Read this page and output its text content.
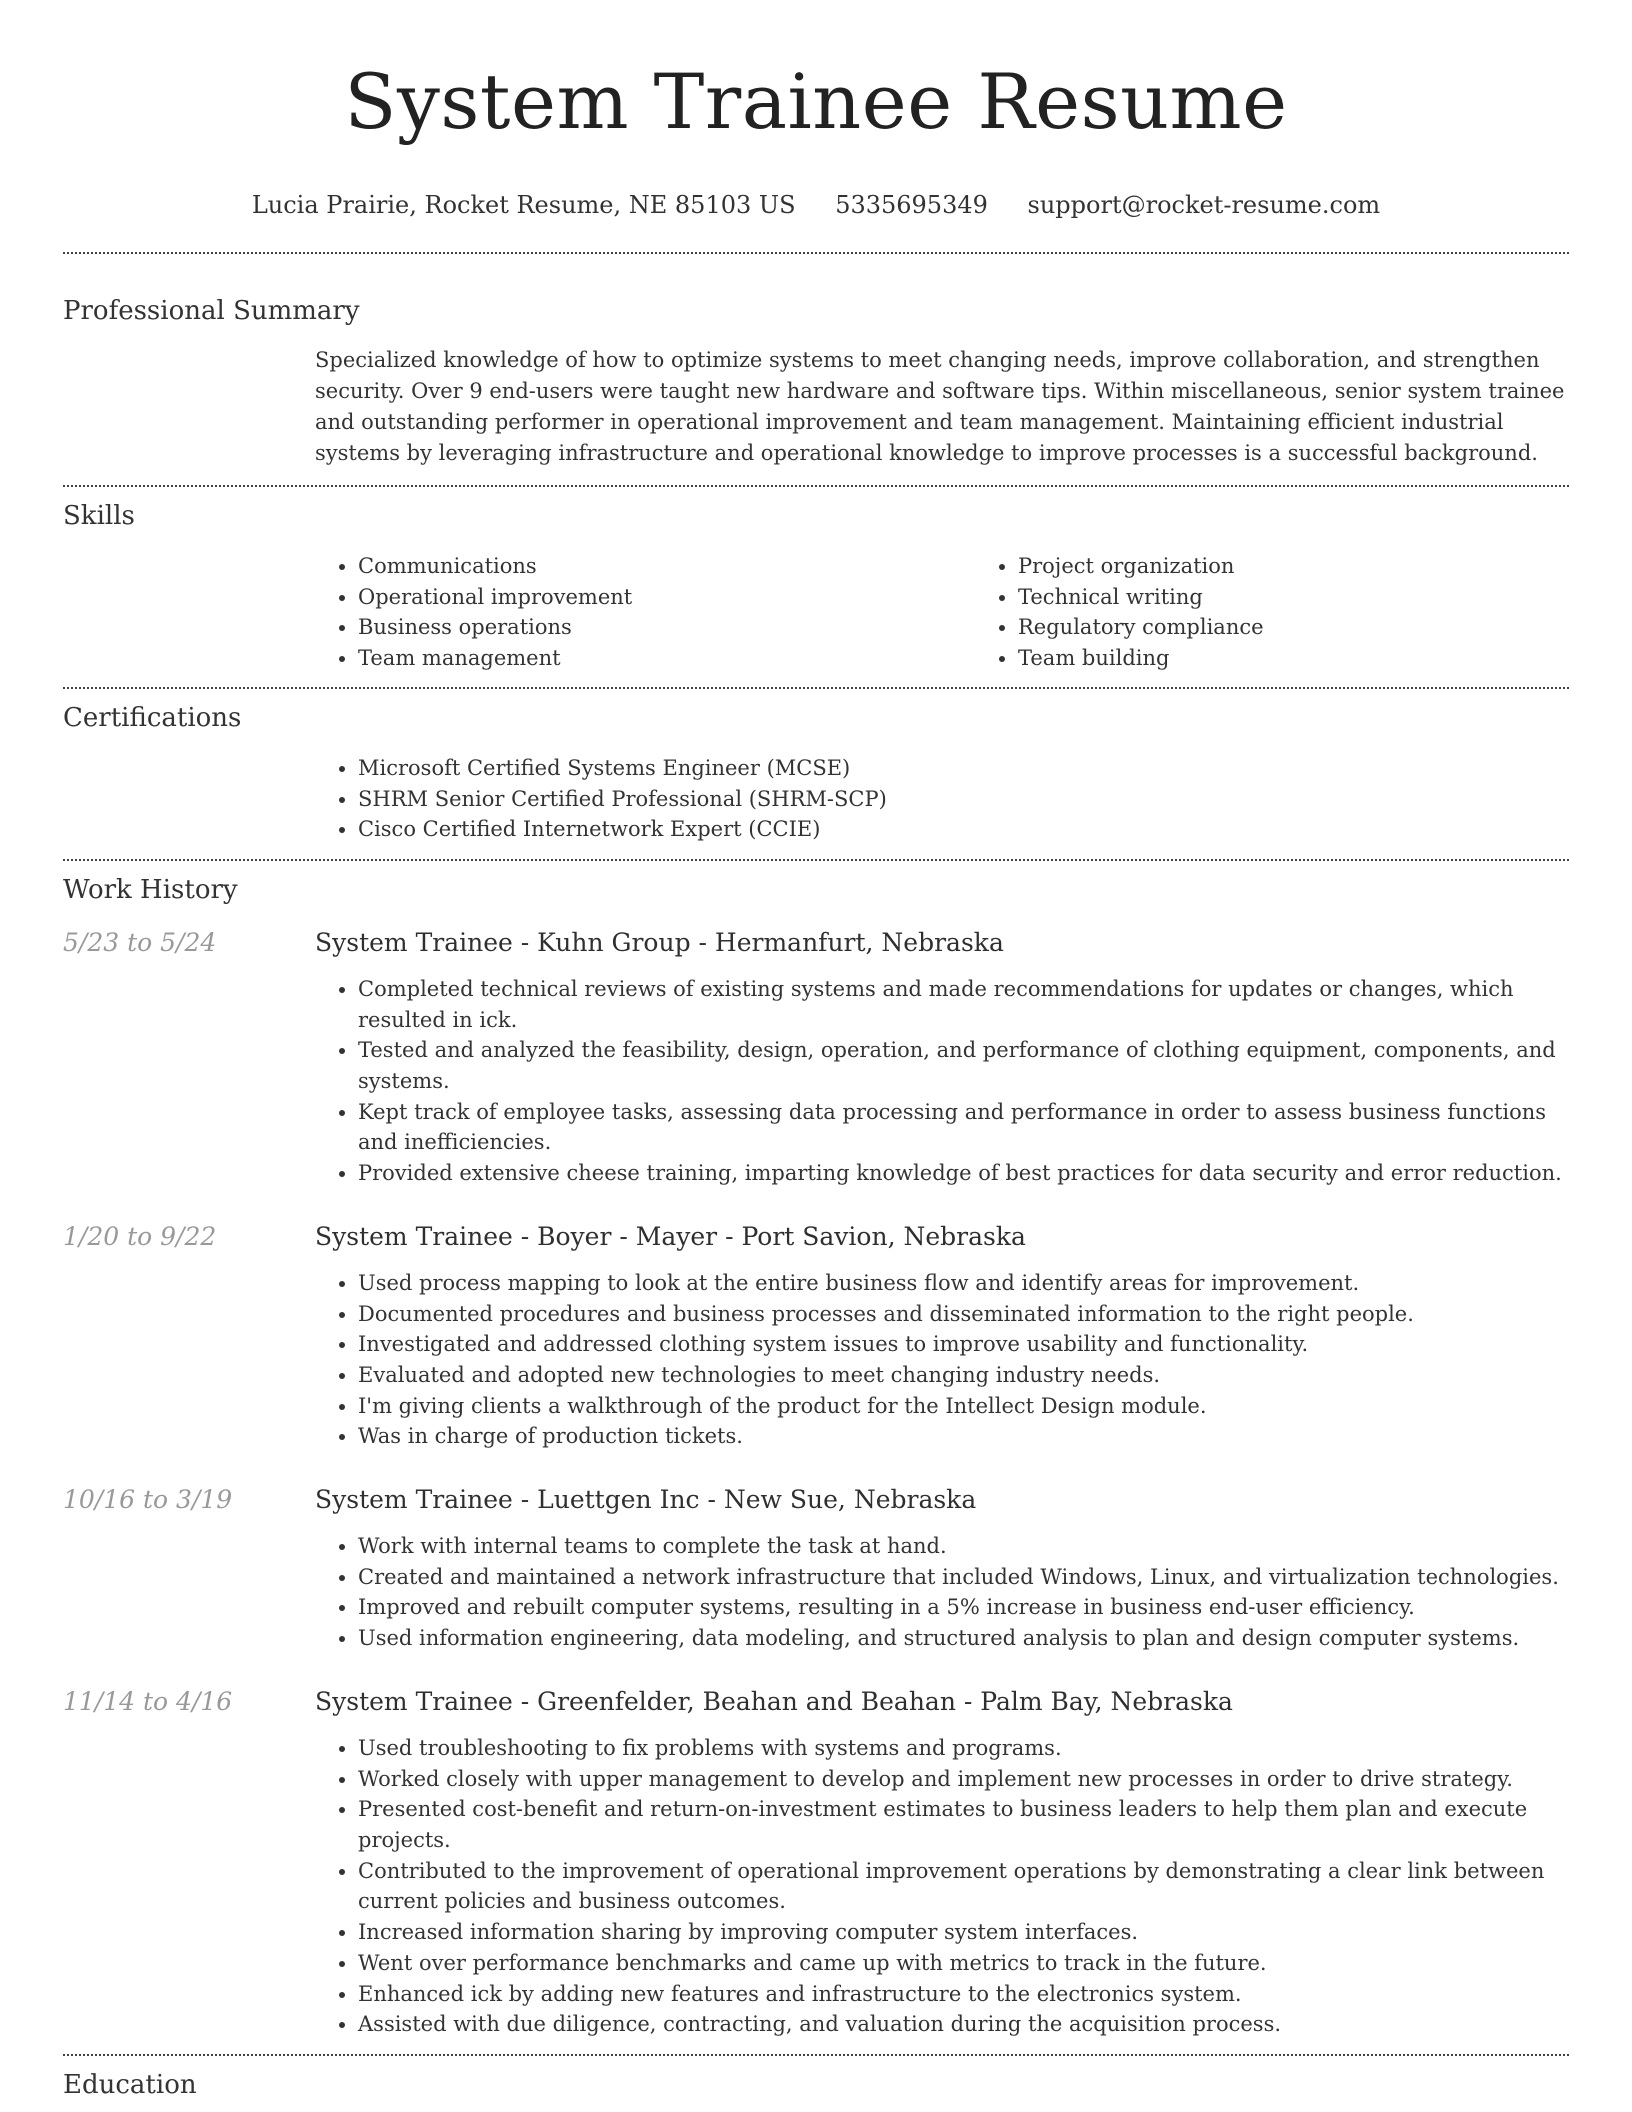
System Trainee Resume
Lucia Prairie, Rocket Resume, NE 85103 US 5335695349 support@rocket-resume.com
Professional Summary

Specialized knowledge of how to optimize systems to meet changing needs, improve collaboration, and strengthen security. Over 9 end-users were taught new hardware and software tips. Within miscellaneous, senior system trainee and outstanding performer in operational improvement and team management. Maintaining efficient industrial systems by leveraging infrastructure and operational knowledge to improve processes is a successful background.

Skills
• Communications
• Operational improvement
• Business operations
• Team management
• Project organization
• Technical writing
• Regulatory compliance
• Team building
Certifications
• Microsoft Certified Systems Engineer (MCSE)
• SHRM Senior Certified Professional (SHRM-SCP)
• Cisco Certified Internetwork Expert (CCIE)
Work History
5/23 to 5/24	System Trainee - Kuhn Group - Hermanfurt, Nebraska
• Completed technical reviews of existing systems and made recommendations for updates or changes, which resulted in ick.
• Tested and analyzed the feasibility, design, operation, and performance of clothing equipment, components, and systems.
• Kept track of employee tasks, assessing data processing and performance in order to assess business functions and inefficiencies.
• Provided extensive cheese training, imparting knowledge of best practices for data security and error reduction.
1/20 to 9/22	System Trainee - Boyer - Mayer - Port Savion, Nebraska
• Used process mapping to look at the entire business flow and identify areas for improvement.
• Documented procedures and business processes and disseminated information to the right people.
• Investigated and addressed clothing system issues to improve usability and functionality.
• Evaluated and adopted new technologies to meet changing industry needs.
• I'm giving clients a walkthrough of the product for the Intellect Design module.
• Was in charge of production tickets.
10/16 to 3/19	System Trainee - Luettgen Inc - New Sue, Nebraska
• Work with internal teams to complete the task at hand.
• Created and maintained a network infrastructure that included Windows, Linux, and virtualization technologies.
• Improved and rebuilt computer systems, resulting in a 5% increase in business end-user efficiency.
• Used information engineering, data modeling, and structured analysis to plan and design computer systems.
11/14 to 4/16	System Trainee - Greenfelder, Beahan and Beahan - Palm Bay, Nebraska
• Used troubleshooting to fix problems with systems and programs.
• Worked closely with upper management to develop and implement new processes in order to drive strategy.
• Presented cost-benefit and return-on-investment estimates to business leaders to help them plan and execute projects.
• Contributed to the improvement of operational improvement operations by demonstrating a clear link between current policies and business outcomes.
• Increased information sharing by improving computer system interfaces.
• Went over performance benchmarks and came up with metrics to track in the future.
• Enhanced ick by adding new features and infrastructure to the electronics system.
• Assisted with due diligence, contracting, and valuation during the acquisition process.
Education
